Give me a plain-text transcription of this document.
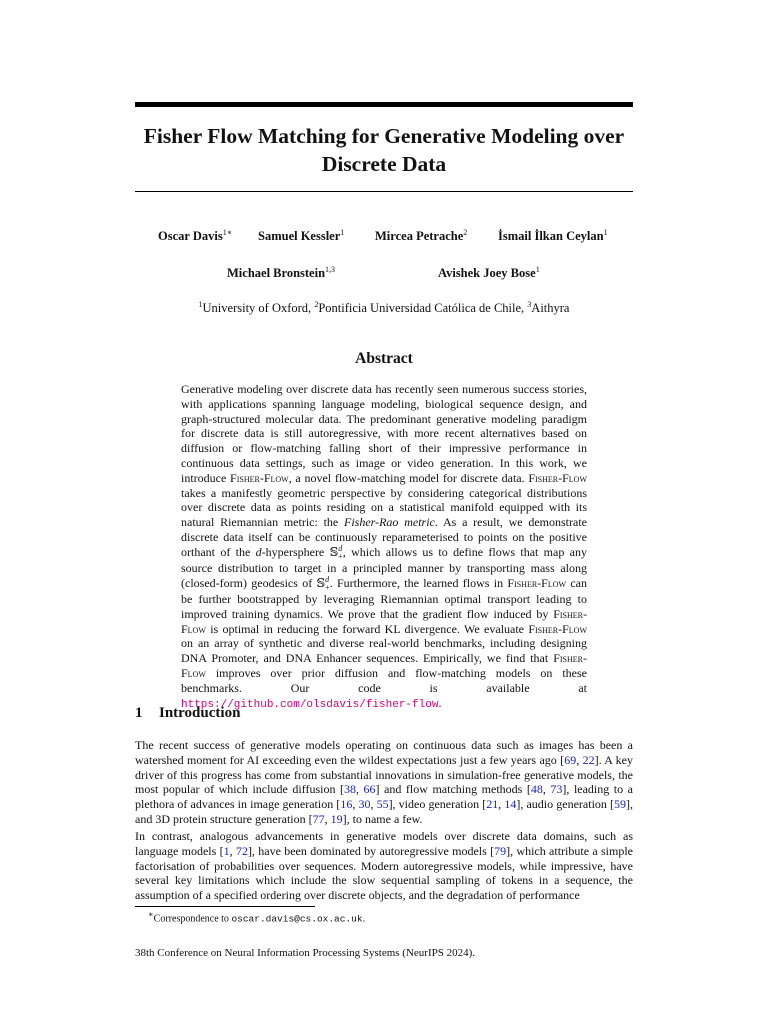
Fisher Flow Matching for Generative Modeling over
Discrete Data
Oscar Davis$^{1∗}$ Samuel Kessler$^1$ Mircea Petrache$^2$ İsmail İlkan Ceylan$^1$
Michael Bronstein$^{1,3}$	Avishek Joey Bose$^1$
$^1$University of Oxford, $^2$Pontificia Universidad Católica de Chile, $^3$Aithyra
Abstract

Generative modeling over discrete data has recently seen numerous success stories, with applications spanning language modeling, biological sequence design, and graph-structured molecular data. The predominant generative modeling paradigm for discrete data is still autoregressive, with more recent alternatives based on diffusion or flow-matching falling short of their impressive performance in continuous data settings, such as image or video generation. In this work, we introduce Fisher-Flow, a novel flow-matching model for discrete data. Fisher-Flow takes a manifestly geometric perspective by considering categorical distributions over discrete data as points residing on a statistical manifold equipped with its natural Riemannian metric: the Fisher-Rao metric. As a result, we demonstrate discrete data itself can be continuously reparameterised to points on the positive orthant of the d-hypersphere 𝕊 d
+ , which allows us to define flows that map any source distribution to target in a principled manner by transporting mass along (closed-form) geodesics of 𝕊 d
+ . Furthermore, the learned flows in Fisher-Flow can be further bootstrapped by leveraging Riemannian optimal transport leading to improved training dynamics. We prove that the gradient flow induced by Fisher-Flow is optimal in reducing the forward KL divergence. We evaluate Fisher-Flow on an array of synthetic and diverse real-world benchmarks, including designing DNA Promoter, and DNA Enhancer sequences. Empirically, we find that Fisher-Flow improves over prior diffusion and flow-matching models on these benchmarks. Our code is available at https://github.com/olsdavis/fisher-flow.

1 Introduction

The recent success of generative models operating on continuous data such as images has been a watershed moment for AI exceeding even the wildest expectations just a few years ago [69, 22]. A key driver of this progress has come from substantial innovations in simulation-free generative models, the most popular of which include diffusion [38, 66] and flow matching methods [48, 73], leading to a plethora of advances in image generation [16, 30, 55], video generation [21, 14], audio generation [59], and 3D protein structure generation [77, 19], to name a few.

In contrast, analogous advancements in generative models over discrete data domains, such as language models [1, 72], have been dominated by autoregressive models [79], which attribute a simple factorisation of probabilities over sequences. Modern autoregressive models, while impressive, have several key limitations which include the slow sequential sampling of tokens in a sequence, the assumption of a specified ordering over discrete objects, and the degradation of performance

∗Correspondence to oscar.davis@cs.ox.ac.uk.
38th Conference on Neural Information Processing Systems (NeurIPS 2024).
